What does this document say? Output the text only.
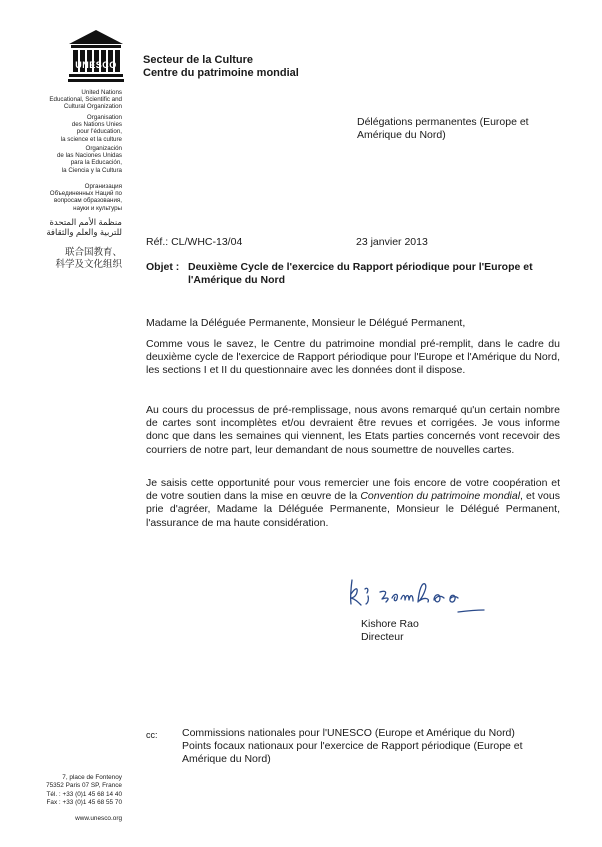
UNESCO
United Nations
Educational, Scientific and
Cultural Organization
Organisation
des Nations Unies
pour l'éducation,
la science et la culture
Organización
de las Naciones Unidas
para la Educación,
la Ciencia y la Cultura
Организация
Объединенных Наций по
вопросам образования,
науки и культуры
منظمة الأمم المتحدة
للتربية والعلم والثقافة
联合国教育、
科学及文化组织
Secteur de la Culture
Centre du patrimoine mondial
Délégations permanentes (Europe et Amérique du Nord)
Réf.: CL/WHC-13/04	23 janvier 2013
Objet : Deuxième Cycle de l'exercice du Rapport périodique pour l'Europe et l'Amérique du Nord
Madame la Déléguée Permanente, Monsieur le Délégué Permanent,
Comme vous le savez, le Centre du patrimoine mondial pré-remplit, dans le cadre du deuxième cycle de l'exercice de Rapport périodique pour l'Europe et l'Amérique du Nord, les sections I et II du questionnaire avec les données dont il dispose.
Au cours du processus de pré-remplissage, nous avons remarqué qu'un certain nombre de cartes sont incomplètes et/ou devraient être revues et corrigées. Je vous informe donc que dans les semaines qui viennent, les Etats parties concernés vont recevoir des courriers de notre part, leur demandant de nous soumettre de nouvelles cartes.
Je saisis cette opportunité pour vous remercier une fois encore de votre coopération et de votre soutien dans la mise en œuvre de la Convention du patrimoine mondial, et vous prie d'agréer, Madame la Déléguée Permanente, Monsieur le Délégué Permanent, l'assurance de ma haute considération.
Kishore Rao
Directeur
cc: Commissions nationales pour l'UNESCO (Europe et Amérique du Nord)
Points focaux nationaux pour l'exercice de Rapport périodique (Europe et Amérique du Nord)
7, place de Fontenoy
75352 Paris 07 SP, France
Tél. : +33 (0)1 45 68 14 40
Fax : +33 (0)1 45 68 55 70
www.unesco.org
